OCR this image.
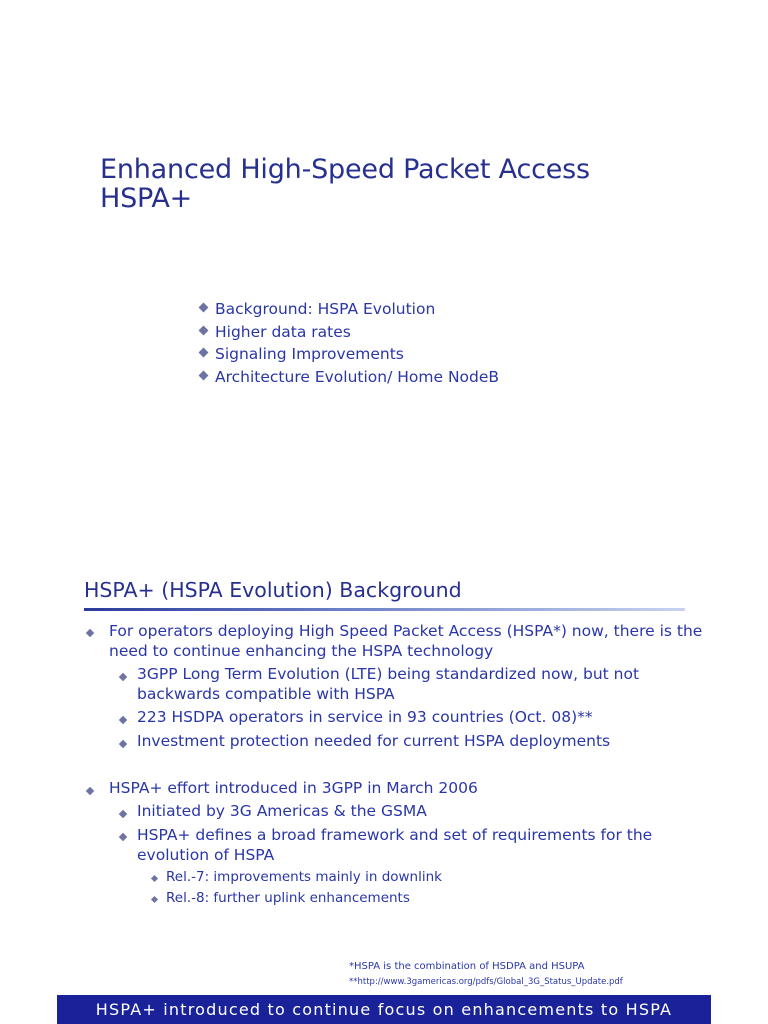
Enhanced High-Speed Packet Access
HSPA+
Background: HSPA Evolution
Higher data rates
Signaling Improvements
Architecture Evolution/ Home NodeB
HSPA+ (HSPA Evolution) Background
For operators deploying High Speed Packet Access (HSPA*) now, there is the
need to continue enhancing the HSPA technology
3GPP Long Term Evolution (LTE) being standardized now, but not
backwards compatible with HSPA
223 HSDPA operators in service in 93 countries (Oct. 08)**
Investment protection needed for current HSPA deployments
HSPA+ effort introduced in 3GPP in March 2006
Initiated by 3G Americas & the GSMA
HSPA+ defines a broad framework and set of requirements for the
evolution of HSPA
Rel.-7: improvements mainly in downlink
Rel.-8: further uplink enhancements
*HSPA is the combination of HSDPA and HSUPA
**http://www.3gamericas.org/pdfs/Global_3G_Status_Update.pdf
HSPA+ introduced to continue focus on enhancements to HSPA
